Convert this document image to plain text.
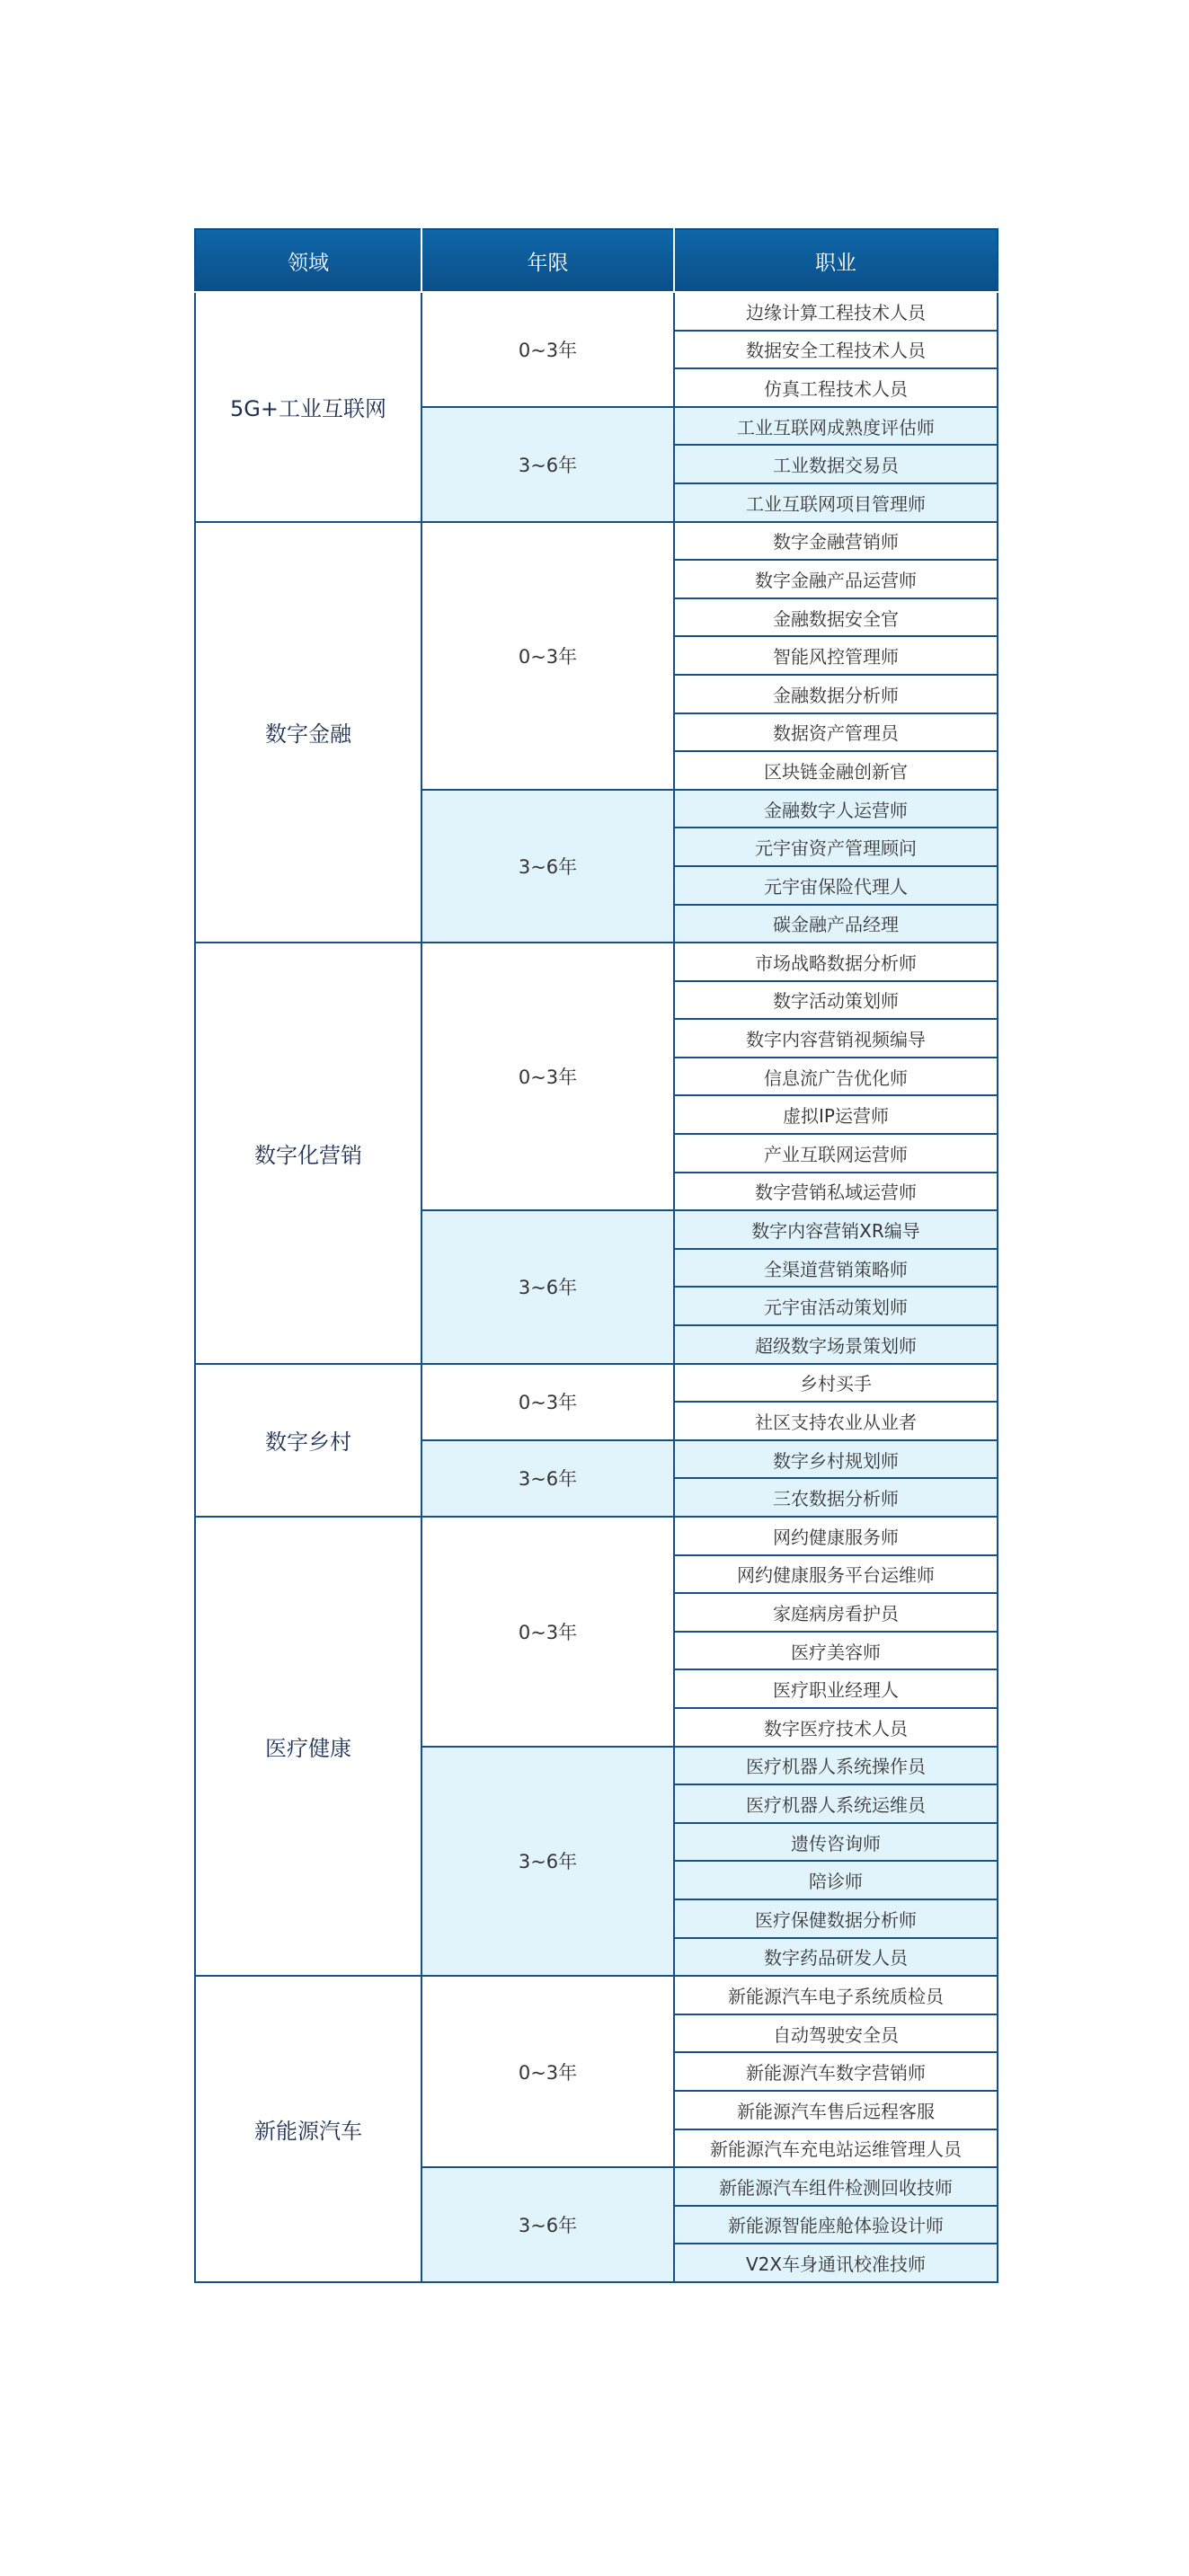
领域	年限	职业
5G+工业互联网	0~3年	边缘计算工程技术人员
		数据安全工程技术人员
		仿真工程技术人员
	3~6年	工业互联网成熟度评估师
		工业数据交易员
		工业互联网项目管理师
数字金融	0~3年	数字金融营销师
		数字金融产品运营师
		金融数据安全官
		智能风控管理师
		金融数据分析师
		数据资产管理员
		区块链金融创新官
	3~6年	金融数字人运营师
		元宇宙资产管理顾问
		元宇宙保险代理人
		碳金融产品经理
数字化营销	0~3年	市场战略数据分析师
		数字活动策划师
		数字内容营销视频编导
		信息流广告优化师
		虚拟IP运营师
		产业互联网运营师
		数字营销私域运营师
	3~6年	数字内容营销XR编导
		全渠道营销策略师
		元宇宙活动策划师
		超级数字场景策划师
数字乡村	0~3年	乡村买手
		社区支持农业从业者
	3~6年	数字乡村规划师
		三农数据分析师
医疗健康	0~3年	网约健康服务师
		网约健康服务平台运维师
		家庭病房看护员
		医疗美容师
		医疗职业经理人
		数字医疗技术人员
	3~6年	医疗机器人系统操作员
		医疗机器人系统运维员
		遗传咨询师
		陪诊师
		医疗保健数据分析师
		数字药品研发人员
新能源汽车	0~3年	新能源汽车电子系统质检员
		自动驾驶安全员
		新能源汽车数字营销师
		新能源汽车售后远程客服
		新能源汽车充电站运维管理人员
	3~6年	新能源汽车组件检测回收技师
		新能源智能座舱体验设计师
		V2X车身通讯校准技师
